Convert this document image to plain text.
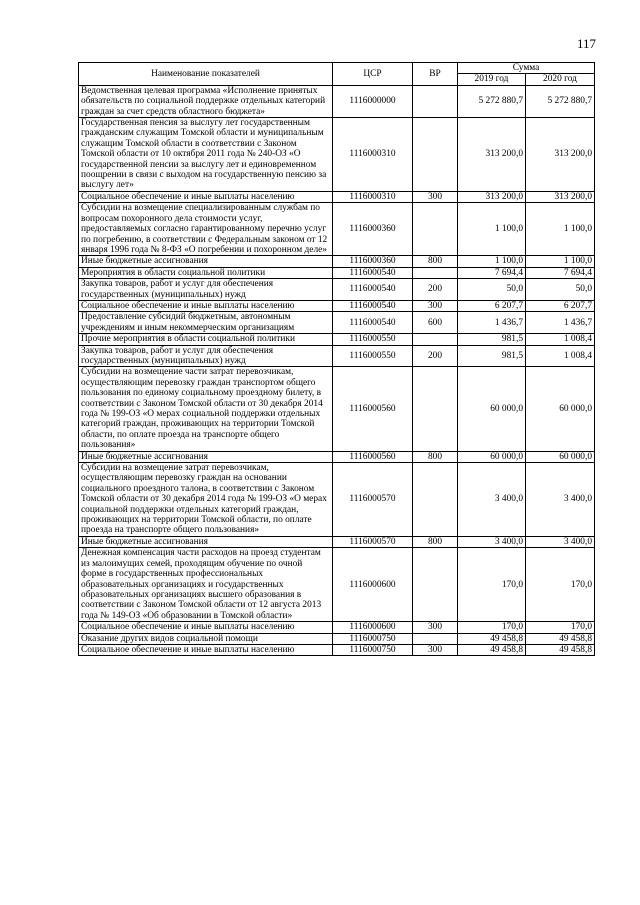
117
Наименование показателей	ЦСР	ВР	Сумма	
			2019 год	2020 год
Ведомственная целевая программа «Исполнение принятых обязательств по социальной поддержке отдельных категорий граждан за счет средств областного бюджета»	1116000000		5 272 880,7	5 272 880,7
Государственная пенсия за выслугу лет государственным гражданским служащим Томской области и муниципальным служащим Томской области в соответствии с Законом Томской области от 10 октября 2011 года № 240-ОЗ «О государственной пенсии за выслугу лет и единовременном поощрении в связи с выходом на государственную пенсию за выслугу лет»	1116000310		313 200,0	313 200,0
Социальное обеспечение и иные выплаты населению	1116000310	300	313 200,0	313 200,0
Субсидии на возмещение специализированным службам по вопросам похоронного дела стоимости услуг, предоставляемых согласно гарантированному перечню услуг по погребению, в соответствии с Федеральным законом от 12 января 1996 года № 8-ФЗ «О погребении и похоронном деле»	1116000360		1 100,0	1 100,0
Иные бюджетные ассигнования	1116000360	800	1 100,0	1 100,0
Мероприятия в области социальной политики	1116000540		7 694,4	7 694,4
Закупка товаров, работ и услуг для обеспечения государственных (муниципальных) нужд	1116000540	200	50,0	50,0
Социальное обеспечение и иные выплаты населению	1116000540	300	6 207,7	6 207,7
Предоставление субсидий бюджетным, автономным учреждениям и иным некоммерческим организациям	1116000540	600	1 436,7	1 436,7
Прочие мероприятия в области социальной политики	1116000550		981,5	1 008,4
Закупка товаров, работ и услуг для обеспечения государственных (муниципальных) нужд	1116000550	200	981,5	1 008,4
Субсидии на возмещение части затрат перевозчикам, осуществляющим перевозку граждан транспортом общего пользования по единому социальному проездному билету, в соответствии с Законом Томской области от 30 декабря 2014 года № 199-ОЗ «О мерах социальной поддержки отдельных категорий граждан, проживающих на территории Томской области, по оплате проезда на транспорте общего пользования»	1116000560		60 000,0	60 000,0
Иные бюджетные ассигнования	1116000560	800	60 000,0	60 000,0
Субсидии на возмещение затрат перевозчикам, осуществляющим перевозку граждан на основании социального проездного талона, в соответствии с Законом Томской области от 30 декабря 2014 года № 199-ОЗ «О мерах социальной поддержки отдельных категорий граждан, проживающих на территории Томской области, по оплате проезда на транспорте общего пользования»	1116000570		3 400,0	3 400,0
Иные бюджетные ассигнования	1116000570	800	3 400,0	3 400,0
Денежная компенсация части расходов на проезд студентам из малоимущих семей, проходящим обучение по очной форме в государственных профессиональных образовательных организациях и государственных образовательных организациях высшего образования в соответствии с Законом Томской области от 12 августа 2013 года № 149-ОЗ «Об образовании в Томской области»	1116000600		170,0	170,0
Социальное обеспечение и иные выплаты населению	1116000600	300	170,0	170,0
Оказание других видов социальной помощи	1116000750		49 458,8	49 458,8
Социальное обеспечение и иные выплаты населению	1116000750	300	49 458,8	49 458,8
